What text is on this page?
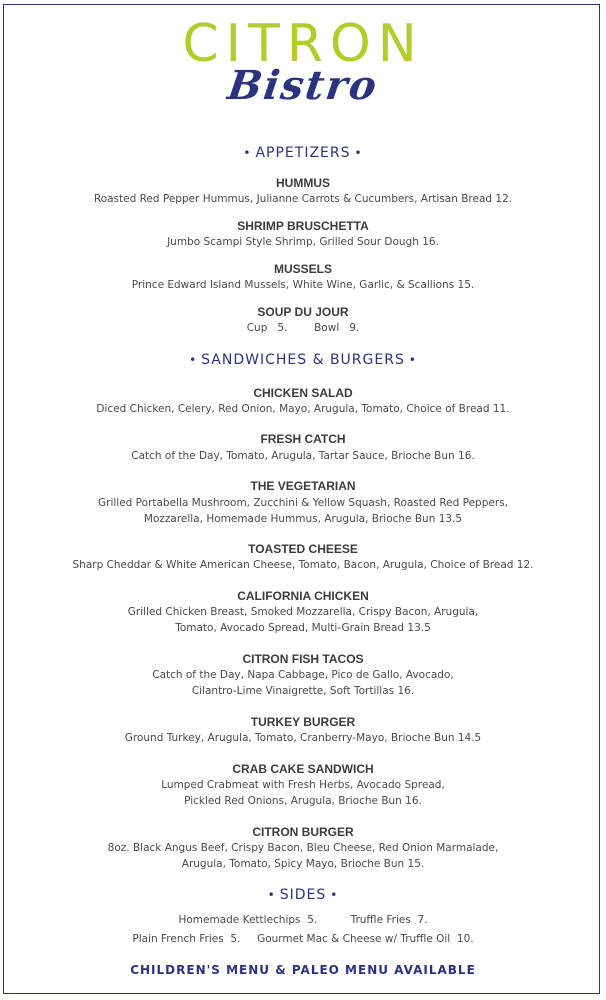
CITRON
Bistro
• APPETIZERS •
HUMMUS
Roasted Red Pepper Hummus, Julianne Carrots & Cucumbers, Artisan Bread 12.
SHRIMP BRUSCHETTA
Jumbo Scampi Style Shrimp, Grilled Sour Dough 16.
MUSSELS
Prince Edward Island Mussels, White Wine, Garlic, & Scallions 15.
SOUP DU JOUR
Cup   5.        Bowl   9.
• SANDWICHES & BURGERS •
CHICKEN SALAD
Diced Chicken, Celery, Red Onion, Mayo, Arugula, Tomato, Choice of Bread 11.
FRESH CATCH
Catch of the Day, Tomato, Arugula, Tartar Sauce, Brioche Bun 16.
THE VEGETARIAN
Grilled Portabella Mushroom, Zucchini & Yellow Squash, Roasted Red Peppers,
Mozzarella, Homemade Hummus, Arugula, Brioche Bun 13.5
TOASTED CHEESE
Sharp Cheddar & White American Cheese, Tomato, Bacon, Arugula, Choice of Bread 12.
CALIFORNIA CHICKEN
Grilled Chicken Breast, Smoked Mozzarella, Crispy Bacon, Arugula,
Tomato, Avocado Spread, Multi-Grain Bread 13.5
CITRON FISH TACOS
Catch of the Day, Napa Cabbage, Pico de Gallo, Avocado,
Cilantro-Lime Vinaigrette, Soft Tortillas 16.
TURKEY BURGER
Ground Turkey, Arugula, Tomato, Cranberry-Mayo, Brioche Bun 14.5
CRAB CAKE SANDWICH
Lumped Crabmeat with Fresh Herbs, Avocado Spread,
Pickled Red Onions, Arugula, Brioche Bun 16.
CITRON BURGER
8oz. Black Angus Beef, Crispy Bacon, Bleu Cheese, Red Onion Marmalade,
Arugula, Tomato, Spicy Mayo, Brioche Bun 15.
• SIDES •
Homemade Kettlechips  5.          Truffle Fries  7.
Plain French Fries  5.     Gourmet Mac & Cheese w/ Truffle Oil  10.
CHILDREN'S MENU & PALEO MENU AVAILABLE
